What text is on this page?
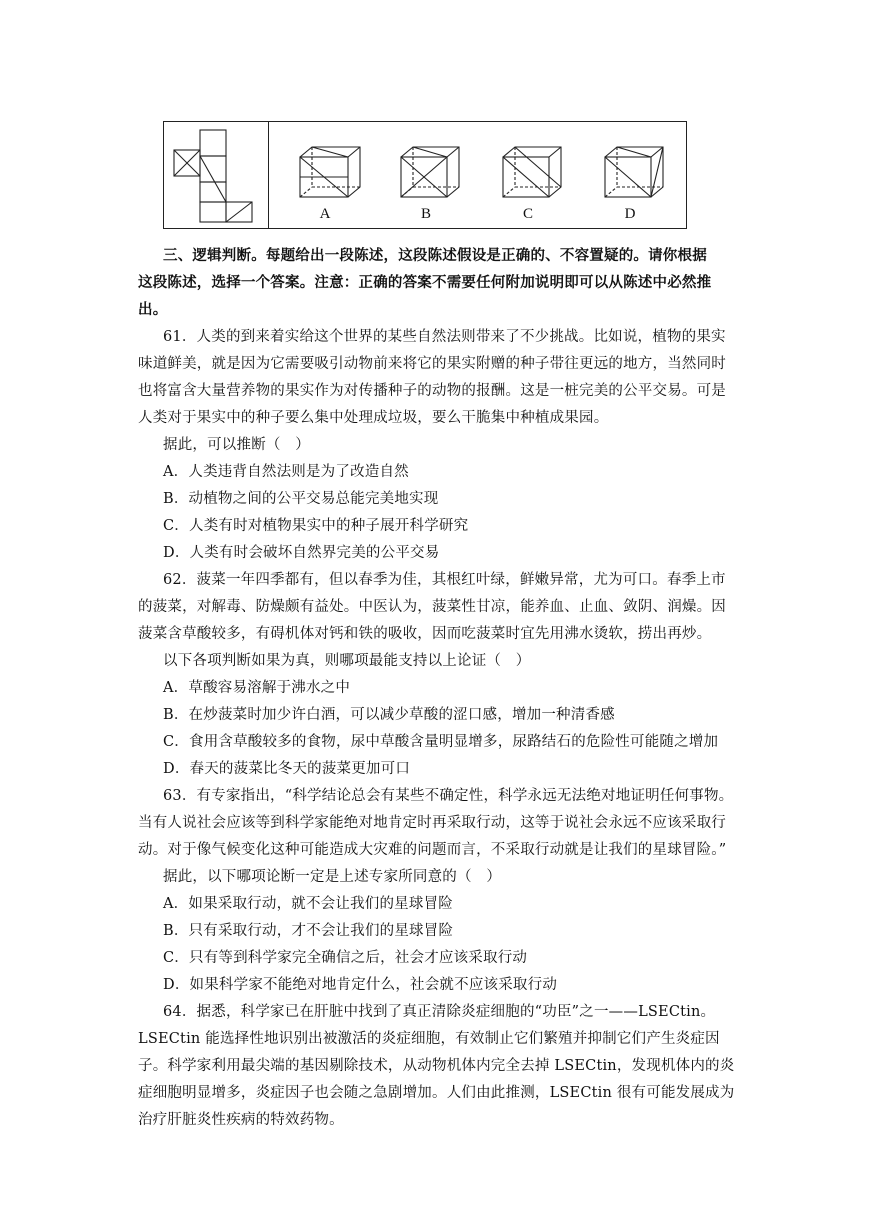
A	B	C	D
三、逻辑判断。每题给出一段陈述，这段陈述假设是正确的、不容置疑的。请你根据
这段陈述，选择一个答案。注意：正确的答案不需要任何附加说明即可以从陈述中必然推
出。
61．人类的到来着实给这个世界的某些自然法则带来了不少挑战。比如说，植物的果实
味道鲜美，就是因为它需要吸引动物前来将它的果实附赠的种子带往更远的地方，当然同时
也将富含大量营养物的果实作为对传播种子的动物的报酬。这是一桩完美的公平交易。可是
人类对于果实中的种子要么集中处理成垃圾，要么干脆集中种植成果园。
据此，可以推断（　）
A．人类违背自然法则是为了改造自然
B．动植物之间的公平交易总能完美地实现
C．人类有时对植物果实中的种子展开科学研究
D．人类有时会破坏自然界完美的公平交易
62．菠菜一年四季都有，但以春季为佳，其根红叶绿，鲜嫩异常，尤为可口。春季上市
的菠菜，对解毒、防燥颇有益处。中医认为，菠菜性甘凉，能养血、止血、敛阴、润燥。因
菠菜含草酸较多，有碍机体对钙和铁的吸收，因而吃菠菜时宜先用沸水烫软，捞出再炒。
以下各项判断如果为真，则哪项最能支持以上论证（　）
A．草酸容易溶解于沸水之中
B．在炒菠菜时加少许白酒，可以减少草酸的涩口感，增加一种清香感
C．食用含草酸较多的食物，尿中草酸含量明显增多，尿路结石的危险性可能随之增加
D．春天的菠菜比冬天的菠菜更加可口
63．有专家指出，“科学结论总会有某些不确定性，科学永远无法绝对地证明任何事物。
当有人说社会应该等到科学家能绝对地肯定时再采取行动，这等于说社会永远不应该采取行
动。对于像气候变化这种可能造成大灾难的问题而言，不采取行动就是让我们的星球冒险。”
据此，以下哪项论断一定是上述专家所同意的（　）
A．如果采取行动，就不会让我们的星球冒险
B．只有采取行动，才不会让我们的星球冒险
C．只有等到科学家完全确信之后，社会才应该采取行动
D．如果科学家不能绝对地肯定什么，社会就不应该采取行动
64．据悉，科学家已在肝脏中找到了真正清除炎症细胞的“功臣”之一——LSECtin。
LSECtin 能选择性地识别出被激活的炎症细胞，有效制止它们繁殖并抑制它们产生炎症因
子。科学家利用最尖端的基因剔除技术，从动物机体内完全去掉 LSECtin，发现机体内的炎
症细胞明显增多，炎症因子也会随之急剧增加。人们由此推测，LSECtin 很有可能发展成为
治疗肝脏炎性疾病的特效药物。
